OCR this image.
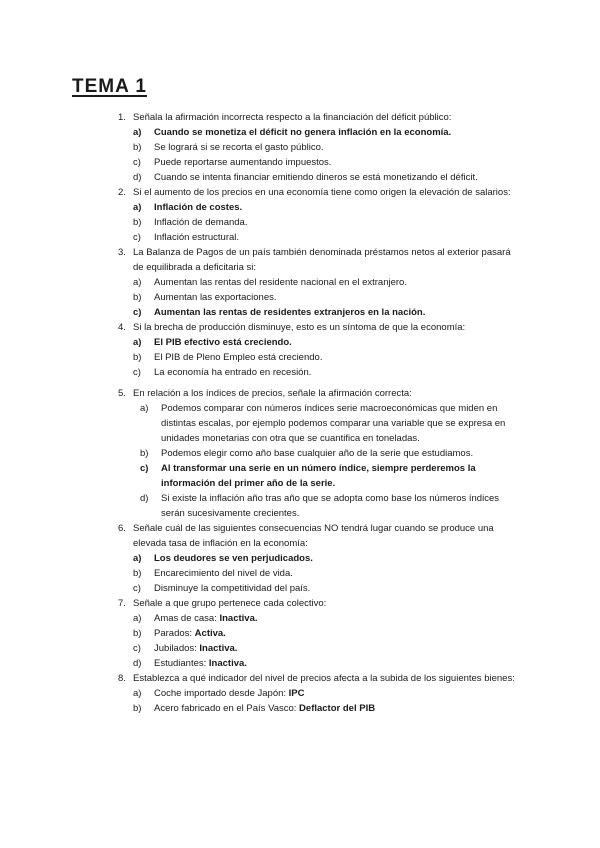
TEMA 1
1. Señala la afirmación incorrecta respecto a la financiación del déficit público:
a) Cuando se monetiza el déficit no genera inflación en la economía.
b) Se logrará si se recorta el gasto público.
c) Puede reportarse aumentando impuestos.
d) Cuando se intenta financiar emitiendo dineros se está monetizando el déficit.
2. Si el aumento de los precios en una economía tiene como origen la elevación de salarios:
a) Inflación de costes.
b) Inflación de demanda.
c) Inflación estructural.
3. La Balanza de Pagos de un país también denominada préstamos netos al exterior pasará de equilibrada a deficitaria si:
a) Aumentan las rentas del residente nacional en el extranjero.
b) Aumentan las exportaciones.
c) Aumentan las rentas de residentes extranjeros en la nación.
4. Si la brecha de producción disminuye, esto es un síntoma de que la economía:
a) El PIB efectivo está creciendo.
b) El PIB de Pleno Empleo está creciendo.
c) La economía ha entrado en recesión.
5. En relación a los índices de precios, señale la afirmación correcta:
a) Podemos comparar con números índices serie macroeconómicas que miden en distintas escalas, por ejemplo podemos comparar una variable que se expresa en unidades monetarias con otra que se cuantifica en toneladas.
b) Podemos elegir como año base cualquier año de la serie que estudiamos.
c) Al transformar una serie en un número índice, siempre perderemos la información del primer año de la serie.
d) Si existe la inflación año tras año que se adopta como base los números índices serán sucesivamente crecientes.
6. Señale cuál de las siguientes consecuencias NO tendrá lugar cuando se produce una elevada tasa de inflación en la economía:
a) Los deudores se ven perjudicados.
b) Encarecimiento del nivel de vida.
c) Disminuye la competitividad del país.
7. Señale a que grupo pertenece cada colectivo:
a) Amas de casa: Inactiva.
b) Parados: Activa.
c) Jubilados: Inactiva.
d) Estudiantes: Inactiva.
8. Establezca a qué indicador del nivel de precios afecta a la subida de los siguientes bienes:
a) Coche importado desde Japón: IPC
b) Acero fabricado en el País Vasco: Deflactor del PIB
